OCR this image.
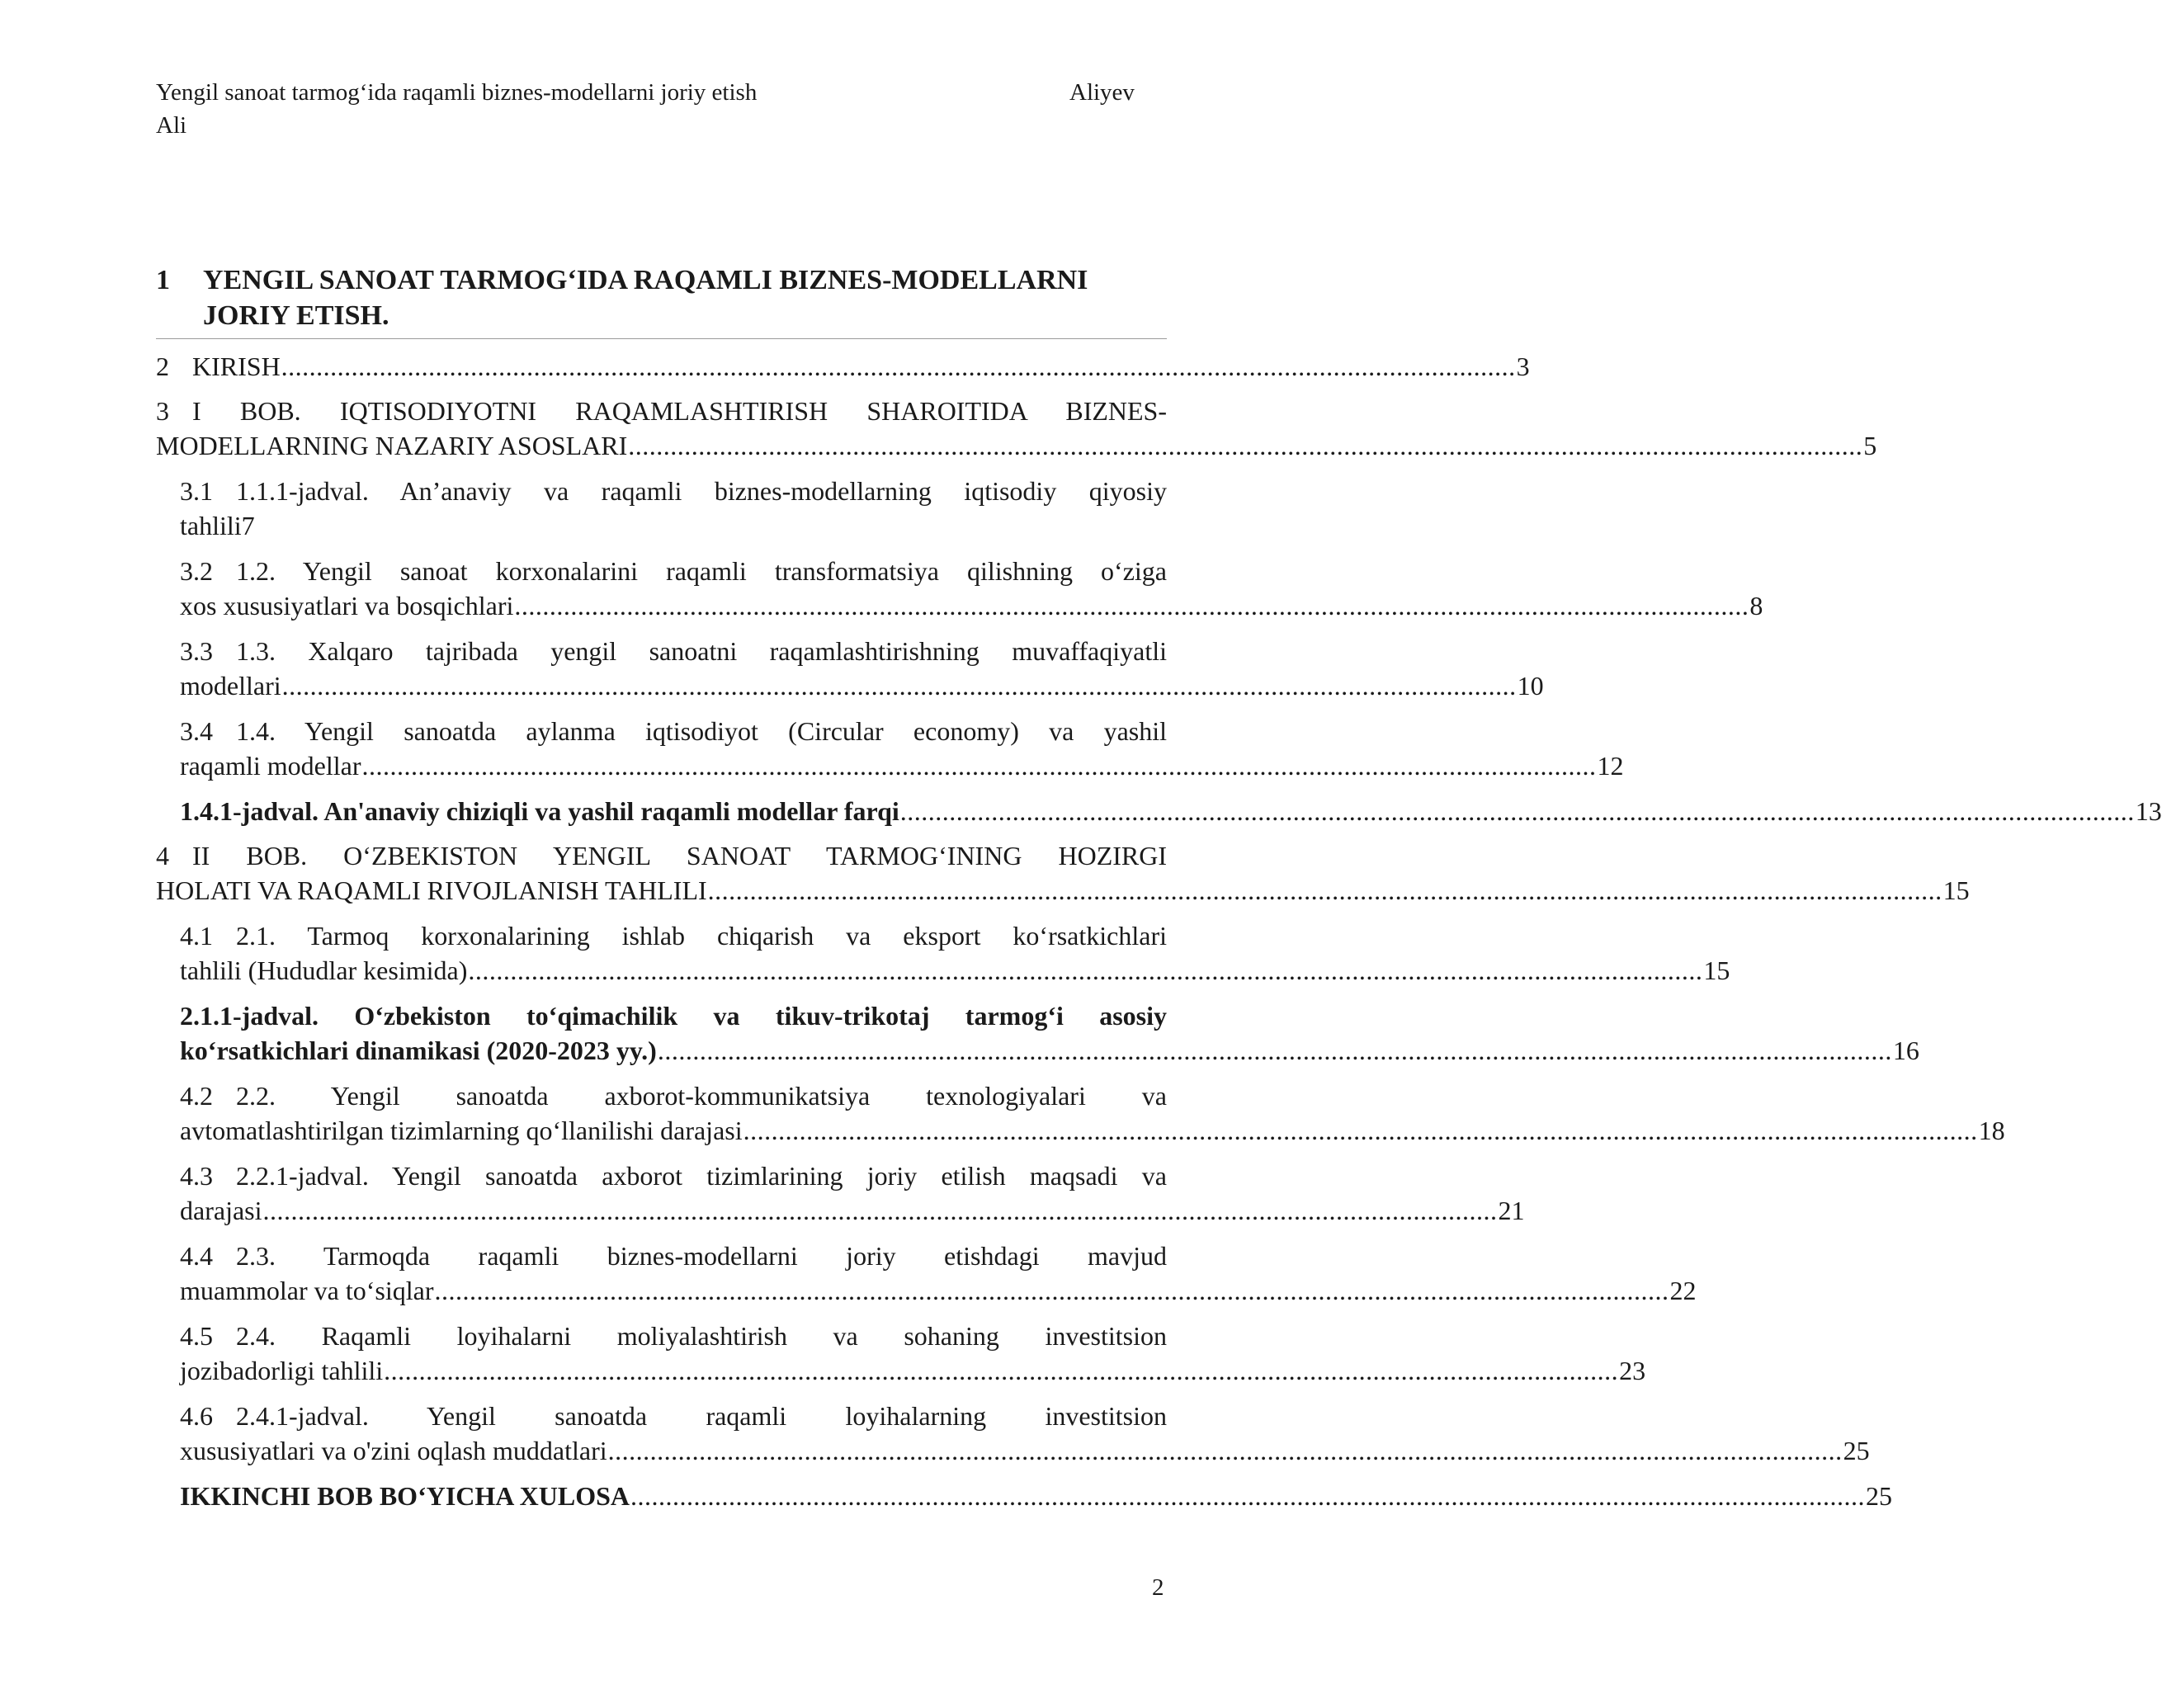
Yengil sanoat tarmog‘ida raqamli biznes-modellarni joriy etish	Aliyev
Ali
1 YENGIL SANOAT TARMOG‘IDA RAQAMLI BIZNES-MODELLARNI
JORIY ETISH.
2 KIRISH ................................................................................................................................................................................ 3
3 I BOB. IQTISODIYOTNI RAQAMLASHTIRISH SHAROITIDA BIZNES-
MODELLARNING NAZARIY ASOSLARI ................................................................................................................................................................................ 5
3.1 1.1.1-jadval. An’anaviy va raqamli biznes-modellarning iqtisodiy qiyosiy
tahlili7
3.2 1.2. Yengil sanoat korxonalarini raqamli transformatsiya qilishning o‘ziga
xos xususiyatlari va bosqichlari ................................................................................................................................................................................ 8
3.3 1.3. Xalqaro tajribada yengil sanoatni raqamlashtirishning muvaffaqiyatli
modellari ................................................................................................................................................................................ 10
3.4 1.4. Yengil sanoatda aylanma iqtisodiyot (Circular economy) va yashil
raqamli modellar ................................................................................................................................................................................ 12
1.4.1-jadval. An'anaviy chiziqli va yashil raqamli modellar farqi ................................................................................................................................................................................ 13
4 II BOB. O‘ZBEKISTON YENGIL SANOAT TARMOG‘INING HOZIRGI
HOLATI VA RAQAMLI RIVOJLANISH TAHLILI ................................................................................................................................................................................ 15
4.1 2.1. Tarmoq korxonalarining ishlab chiqarish va eksport ko‘rsatkichlari
tahlili (Hududlar kesimida) ................................................................................................................................................................................ 15
2.1.1-jadval. O‘zbekiston to‘qimachilik va tikuv-trikotaj tarmog‘i asosiy
ko‘rsatkichlari dinamikasi (2020-2023 yy.) ................................................................................................................................................................................ 16
4.2 2.2. Yengil sanoatda axborot-kommunikatsiya texnologiyalari va
avtomatlashtirilgan tizimlarning qo‘llanilishi darajasi ................................................................................................................................................................................ 18
4.3 2.2.1-jadval. Yengil sanoatda axborot tizimlarining joriy etilish maqsadi va
darajasi ................................................................................................................................................................................ 21
4.4 2.3. Tarmoqda raqamli biznes-modellarni joriy etishdagi mavjud
muammolar va to‘siqlar ................................................................................................................................................................................ 22
4.5 2.4. Raqamli loyihalarni moliyalashtirish va sohaning investitsion
jozibadorligi tahlili ................................................................................................................................................................................ 23
4.6 2.4.1-jadval. Yengil sanoatda raqamli loyihalarning investitsion
xususiyatlari va o'zini oqlash muddatlari ................................................................................................................................................................................ 25
IKKINCHI BOB BO‘YICHA XULOSA ................................................................................................................................................................................ 25
2
